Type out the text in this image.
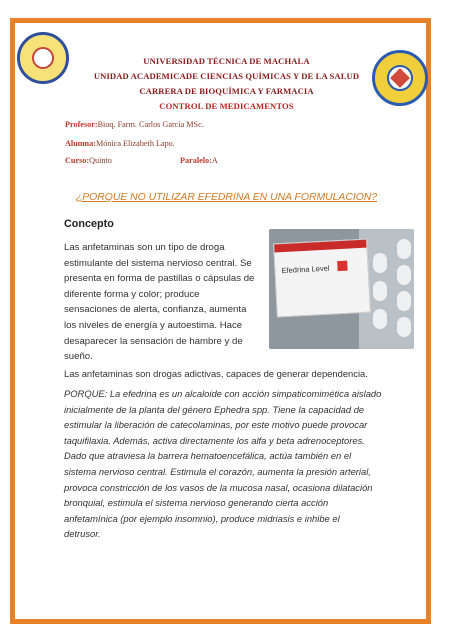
UNIVERSIDAD TÉCNICA DE MACHALA
UNIDAD ACADEMICADE CIENCIAS QUÍMICAS Y DE LA SALUD
CARRERA DE BIOQUÍMICA Y FARMACIA
CONTROL DE MEDICAMENTOS
Profesor:Bioq. Farm. Carlos García MSc.
Alumna:Mónica Elizabeth Lapo.
Curso:Quinto	Paralelo:A
¿PORQUE NO UTILIZAR EFEDRINA EN UNA FORMULACION?
Concepto
Las anfetaminas son un tipo de droga
estimulante del sistema nervioso central. Se
presenta en forma de pastillas o cápsulas de
diferente forma y color; produce
sensaciones de alerta, confianza, aumenta
los niveles de energía y autoestima. Hace
desaparecer la sensación de hambre y de
sueño.
Efedrina Level
Las anfetaminas son drogas adictivas, capaces de generar dependencia.
PORQUE: La efedrina es un alcaloide con acción simpaticomimética aislado
inicialmente de la planta del género Ephedra spp. Tiene la capacidad de
estimular la liberación de catecolaminas, por este motivo puede provocar
taquifilaxia. Además, activa directamente los alfa y beta adrenoceptores.
Dado que atraviesa la barrera hematoencefálica, actúa también en el
sistema nervioso central. Estimula el corazón, aumenta la presión arterial,
provoca constricción de los vasos de la mucosa nasal, ocasiona dilatación
bronquial, estimula el sistema nervioso generando cierta acción
anfetamínica (por ejemplo insomnio), produce midriasis e inhibe el
detrusor.
